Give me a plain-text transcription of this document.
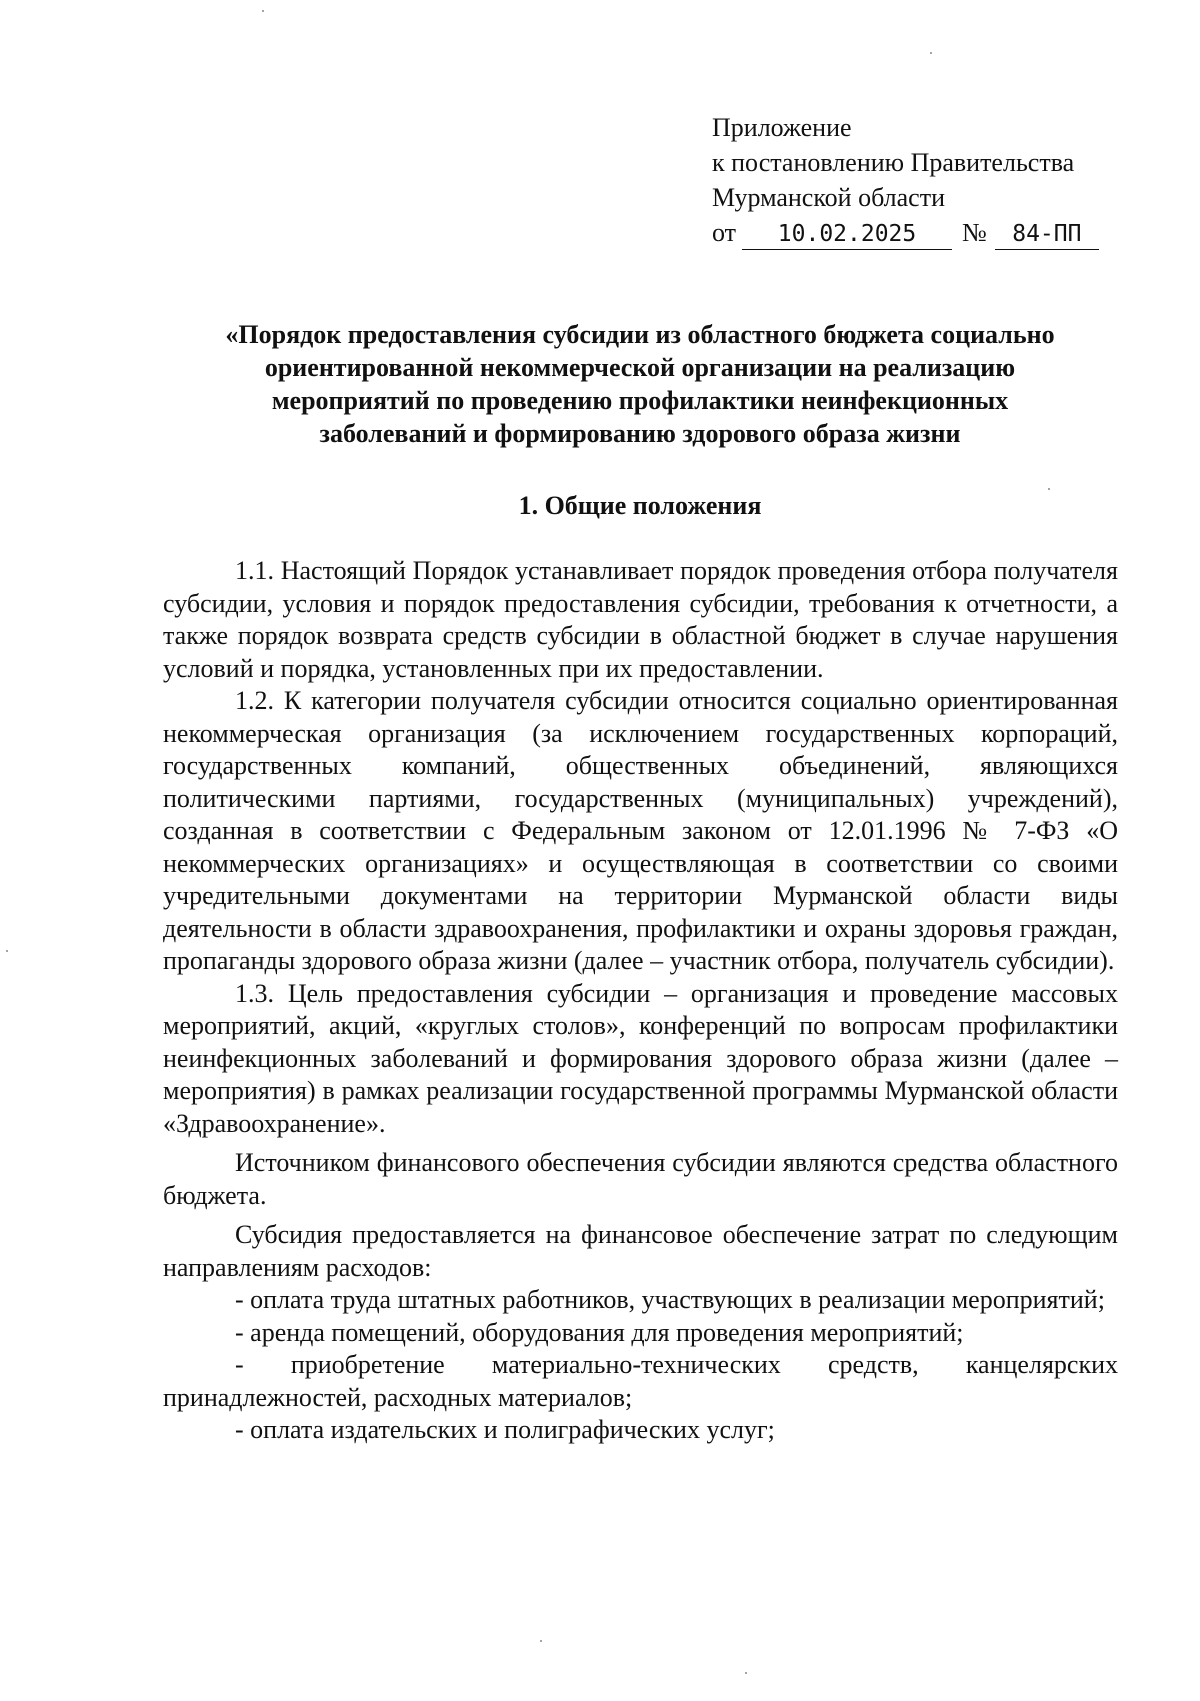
Приложение
к постановлению Правительства
Мурманской области
от	10.02.2025	№	84-ПП
«Порядок предоставления субсидии из областного бюджета социально
ориентированной некоммерческой организации на реализацию
мероприятий по проведению профилактики неинфекционных
заболеваний и формированию здорового образа жизни
1. Общие положения

1.1. Настоящий Порядок устанавливает порядок проведения отбора получателя субсидии, условия и порядок предоставления субсидии, требования к отчетности, а также порядок возврата средств субсидии в областной бюджет в случае нарушения условий и порядка, установленных при их предоставлении.

1.2. К категории получателя субсидии относится социально ориентированная некоммерческая организация (за исключением государственных корпораций, государственных компаний, общественных объединений, являющихся политическими партиями, государственных (муниципальных) учреждений), созданная в соответствии с Федеральным законом от 12.01.1996 № 7-ФЗ «О некоммерческих организациях» и осуществляющая в соответствии со своими учредительными документами на территории Мурманской области виды деятельности в области здравоохранения, профилактики и охраны здоровья граждан, пропаганды здорового образа жизни (далее – участник отбора, получатель субсидии).

1.3. Цель предоставления субсидии – организация и проведение массовых мероприятий, акций, «круглых столов», конференций по вопросам профилактики неинфекционных заболеваний и формирования здорового образа жизни (далее – мероприятия) в рамках реализации государственной программы Мурманской области «Здравоохранение».

Источником финансового обеспечения субсидии являются средства областного бюджета.

Субсидия предоставляется на финансовое обеспечение затрат по следующим направлениям расходов:

- оплата труда штатных работников, участвующих в реализации мероприятий;

- аренда помещений, оборудования для проведения мероприятий;

- приобретение материально-технических средств, канцелярских принадлежностей, расходных материалов;

- оплата издательских и полиграфических услуг;
